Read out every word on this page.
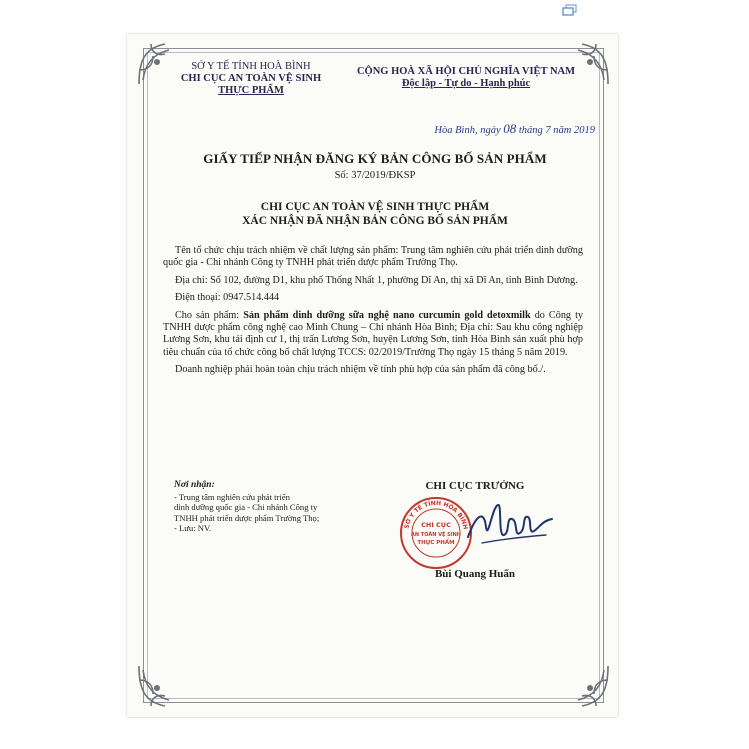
SỞ Y TẾ TỈNH HOÀ BÌNH
CHI CỤC AN TOÀN VỆ SINH
THỰC PHẨM
CỘNG HOÀ XÃ HỘI CHỦ NGHĨA VIỆT NAM
Độc lập - Tự do - Hạnh phúc
Hòa Bình, ngày 08 tháng 7 năm 2019
GIẤY TIẾP NHẬN ĐĂNG KÝ BẢN CÔNG BỐ SẢN PHẨM
Số: 37/2019/ĐKSP
CHI CỤC AN TOÀN VỆ SINH THỰC PHẨM
XÁC NHẬN ĐÃ NHẬN BẢN CÔNG BỐ SẢN PHẨM
Tên tổ chức chịu trách nhiệm về chất lượng sản phẩm: Trung tâm nghiên cứu phát triển dinh dưỡng quốc gia - Chi nhánh Công ty TNHH phát triển dược phẩm Trường Thọ.
Địa chỉ: Số 102, đường D1, khu phố Thống Nhất 1, phường Dĩ An, thị xã Dĩ An, tỉnh Bình Dương.
Điện thoại: 0947.514.444
Cho sản phẩm: Sản phẩm dinh dưỡng sữa nghệ nano curcumin gold detoxmilk do Công ty TNHH dược phẩm công nghệ cao Minh Chung – Chi nhánh Hòa Bình; Địa chỉ: Sau khu công nghiệp Lương Sơn, khu tái định cư 1, thị trấn Lương Sơn, huyện Lương Sơn, tỉnh Hòa Bình sản xuất phù hợp tiêu chuẩn của tổ chức công bố chất lượng TCCS: 02/2019/Trường Thọ ngày 15 tháng 5 năm 2019.
Doanh nghiệp phải hoàn toàn chịu trách nhiệm về tính phù hợp của sản phẩm đã công bố./.
Nơi nhận:
- Trung tâm nghiên cứu phát triển
dinh dưỡng quốc gia - Chi nhánh Công ty
TNHH phát triển dược phẩm Trường Thọ;
- Lưu: NV.
CHI CỤC TRƯỞNG
SỞ Y TẾ TỈNH HÒA BÌNH
CHI CỤC
AN TOÀN VỆ SINH
THỰC PHẨM
Bùi Quang Huấn
